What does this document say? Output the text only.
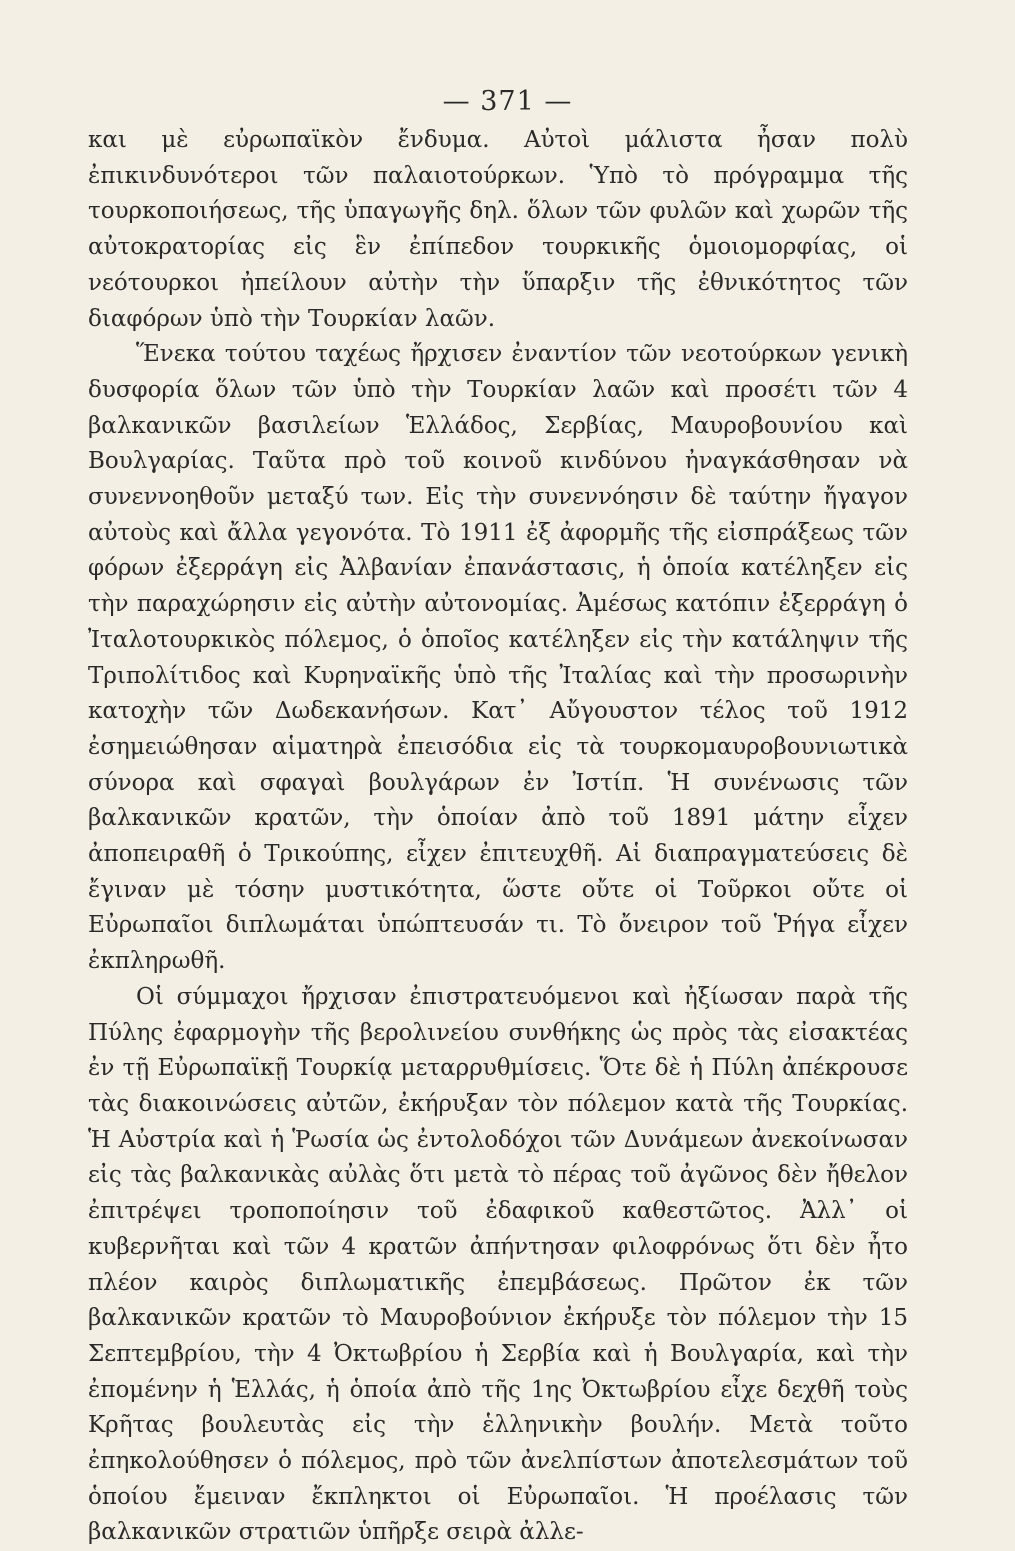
— 371 —

και μὲ εὐρωπαϊκὸν ἔνδυμα. Αὐτοὶ μάλιστα ἦσαν πολὺ ἐπικινδυνότεροι τῶν παλαιοτούρκων. Ὑπὸ τὸ πρόγραμμα τῆς τουρκοποιήσεως, τῆς ὑπαγωγῆς δηλ. ὅλων τῶν φυλῶν καὶ χωρῶν τῆς αὐτοκρατορίας εἰς ἓν ἐπίπεδον τουρκικῆς ὁμοιομορφίας, οἱ νεότουρκοι ἠπείλουν αὐτὴν τὴν ὕπαρξιν τῆς ἐθνικότητος τῶν διαφόρων ὑπὸ τὴν Τουρκίαν λαῶν.

Ἕνεκα τούτου ταχέως ἤρχισεν ἐναντίον τῶν νεοτούρκων γενικὴ δυσφορία ὅλων τῶν ὑπὸ τὴν Τουρκίαν λαῶν καὶ προσέτι τῶν 4 βαλκανικῶν βασιλείων Ἑλλάδος, Σερβίας, Μαυροβουνίου καὶ Βουλγαρίας. Ταῦτα πρὸ τοῦ κοινοῦ κινδύνου ἠναγκάσθησαν νὰ συνεννοηθοῦν μεταξύ των. Εἰς τὴν συνεννόησιν δὲ ταύτην ἤγαγον αὐτοὺς καὶ ἄλλα γεγονότα. Τὸ 1911 ἐξ ἀφορμῆς τῆς εἰσπράξεως τῶν φόρων ἐξερράγη εἰς Ἀλβανίαν ἐπανάστασις, ἡ ὁποία κατέληξεν εἰς τὴν παραχώρησιν εἰς αὐτὴν αὐτονομίας. Ἀμέσως κατόπιν ἐξερράγη ὁ Ἰταλοτουρκικὸς πόλεμος, ὁ ὁποῖος κατέληξεν εἰς τὴν κατάληψιν τῆς Τριπολίτιδος καὶ Κυρηναϊκῆς ὑπὸ τῆς Ἰταλίας καὶ τὴν προσωρινὴν κατοχὴν τῶν Δωδεκανήσων. Κατ᾿ Αὔγουστον τέλος τοῦ 1912 ἐσημειώθησαν αἱματηρὰ ἐπεισόδια εἰς τὰ τουρκομαυροβουνιωτικὰ σύνορα καὶ σφαγαὶ βουλγάρων ἐν Ἰστίπ. Ἡ συνένωσις τῶν βαλκανικῶν κρατῶν, τὴν ὁποίαν ἀπὸ τοῦ 1891 μάτην εἶχεν ἀποπειραθῆ ὁ Τρικούπης, εἶχεν ἐπιτευχθῆ. Αἱ διαπραγματεύσεις δὲ ἔγιναν μὲ τόσην μυστικότητα, ὥστε οὔτε οἱ Τοῦρκοι οὔτε οἱ Εὐρωπαῖοι διπλωμάται ὑπώπτευσάν τι. Τὸ ὄνειρον τοῦ Ῥήγα εἶχεν ἐκπληρωθῆ.

Οἱ σύμμαχοι ἤρχισαν ἐπιστρατευόμενοι καὶ ἠξίωσαν παρὰ τῆς Πύλης ἐφαρμογὴν τῆς βερολινείου συνθήκης ὡς πρὸς τὰς εἰσακτέας ἐν τῇ Εὐρωπαϊκῇ Τουρκίᾳ μεταρρυθμίσεις. Ὅτε δὲ ἡ Πύλη ἀπέκρουσε τὰς διακοινώσεις αὐτῶν, ἐκήρυξαν τὸν πόλεμον κατὰ τῆς Τουρκίας. Ἡ Αὐστρία καὶ ἡ Ῥωσία ὡς ἐντολοδόχοι τῶν Δυνάμεων ἀνεκοίνωσαν εἰς τὰς βαλκανικὰς αὐλὰς ὅτι μετὰ τὸ πέρας τοῦ ἀγῶνος δὲν ἤθελον ἐπιτρέψει τροποποίησιν τοῦ ἐδαφικοῦ καθεστῶτος. Ἀλλ᾿ οἱ κυβερνῆται καὶ τῶν 4 κρατῶν ἀπήντησαν φιλοφρόνως ὅτι δὲν ἦτο πλέον καιρὸς διπλωματικῆς ἐπεμβάσεως. Πρῶτον ἐκ τῶν βαλκανικῶν κρατῶν τὸ Μαυροβούνιον ἐκήρυξε τὸν πόλεμον τὴν 15 Σεπτεμβρίου, τὴν 4 Ὀκτωβρίου ἡ Σερβία καὶ ἡ Βουλγαρία, καὶ τὴν ἐπομένην ἡ Ἑλλάς, ἡ ὁποία ἀπὸ τῆς 1ης Ὀκτωβρίου εἶχε δεχθῆ τοὺς Κρῆτας βουλευτὰς εἰς τὴν ἑλληνικὴν βουλήν. Μετὰ τοῦτο ἐπηκολούθησεν ὁ πόλεμος, πρὸ τῶν ἀνελπίστων ἀποτελεσμάτων τοῦ ὁποίου ἔμειναν ἔκπληκτοι οἱ Εὐρωπαῖοι. Ἡ προέλασις τῶν βαλκανικῶν στρατιῶν ὑπῆρξε σειρὰ ἀλλε-
